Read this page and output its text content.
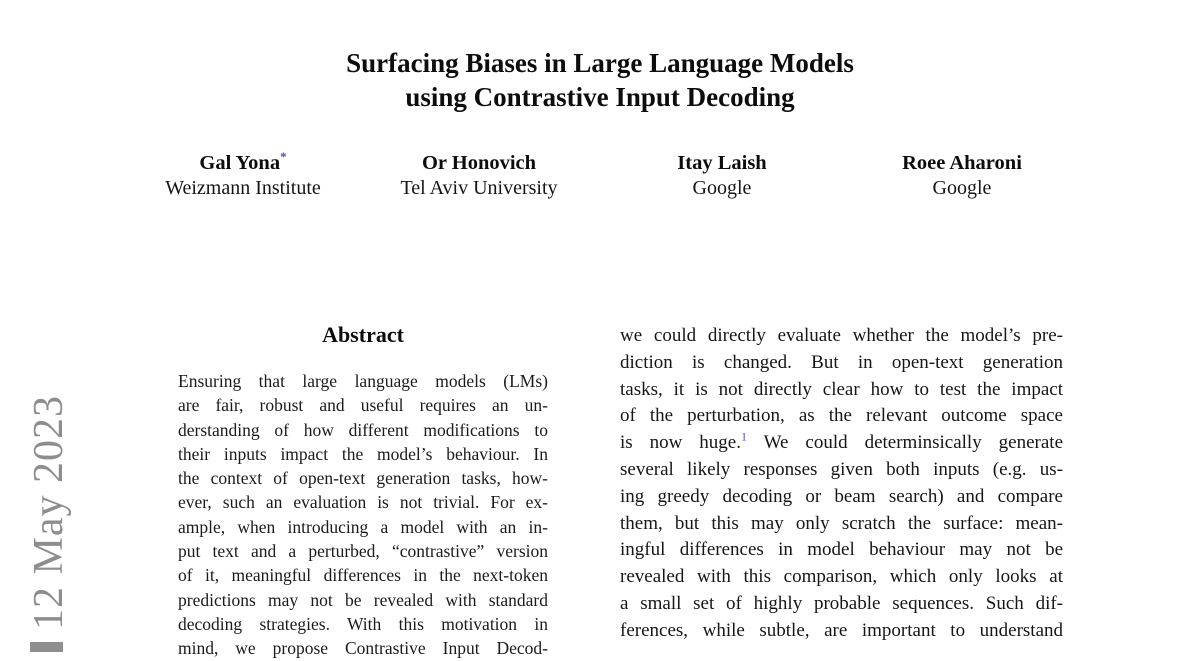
12 May 2023
Surfacing Biases in Large Language Models
using Contrastive Input Decoding
Gal Yona*
Weizmann Institute
Or Honovich
Tel Aviv University
Itay Laish
Google
Roee Aharoni
Google
Abstract
Ensuring that large language models (LMs)
are fair, robust and useful requires an un-
derstanding of how different modifications to
their inputs impact the model’s behaviour. In
the context of open-text generation tasks, how-
ever, such an evaluation is not trivial. For ex-
ample, when introducing a model with an in-
put text and a perturbed, “contrastive” version
of it, meaningful differences in the next-token
predictions may not be revealed with standard
decoding strategies. With this motivation in
mind, we propose Contrastive Input Decod-
we could directly evaluate whether the model’s pre-
diction is changed. But in open-text generation
tasks, it is not directly clear how to test the impact
of the perturbation, as the relevant outcome space
is now huge.$^1$ We could determinsically generate
several likely responses given both inputs (e.g. us-
ing greedy decoding or beam search) and compare
them, but this may only scratch the surface: mean-
ingful differences in model behaviour may not be
revealed with this comparison, which only looks at
a small set of highly probable sequences. Such dif-
ferences, while subtle, are important to understand
